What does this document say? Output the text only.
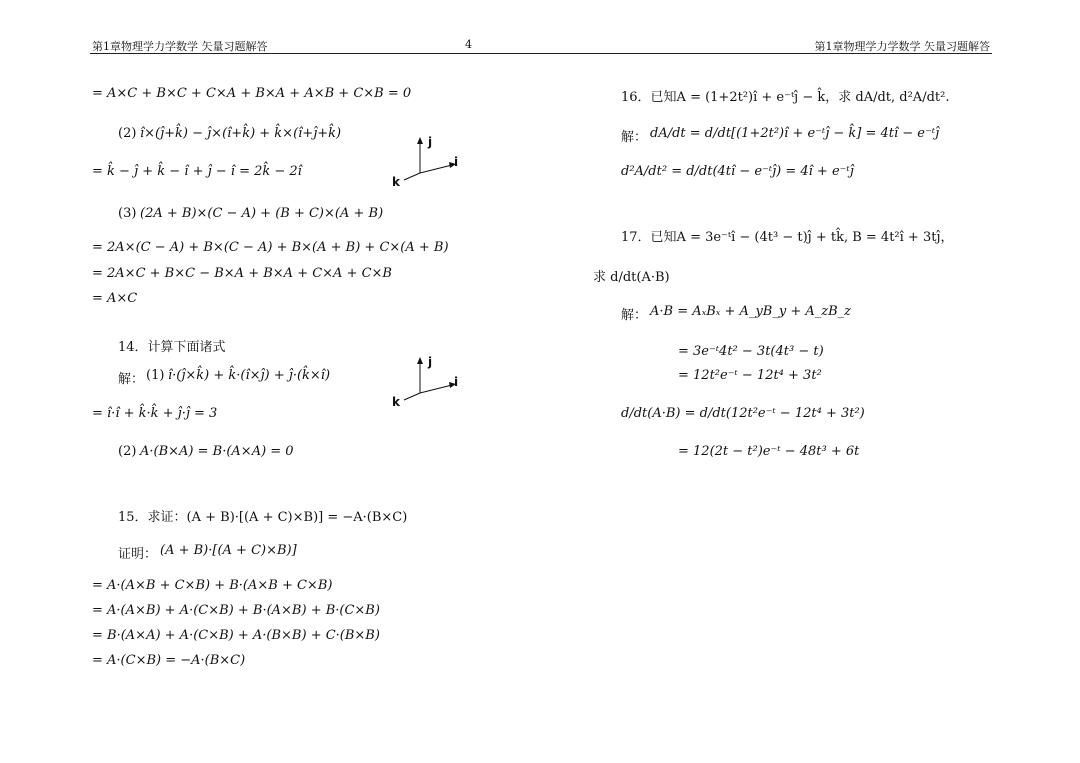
第1章物理学力学数学 矢量习题解答	4	第1章物理学力学数学 矢量习题解答
= A×C + B×C + C×A + B×A + A×B + C×B = 0
(2) î×(ĵ+k̂) − ĵ×(î+k̂) + k̂×(î+ĵ+k̂)
= k̂ − ĵ + k̂ − î + ĵ − î = 2k̂ − 2î
j
i
k
(3) (2A + B)×(C − A) + (B + C)×(A + B)
= 2A×(C − A) + B×(C − A) + B×(A + B) + C×(A + B)
= 2A×C + B×C − B×A + B×A + C×A + C×B
= A×C
14．计算下面诸式
解： (1) î·(ĵ×k̂) + k̂·(î×ĵ) + ĵ·(k̂×î)
= î·î + k̂·k̂ + ĵ·ĵ = 3
j
i
k
(2) A·(B×A) = B·(A×A) = 0
15．求证：(A + B)·[(A + C)×B)] = −A·(B×C)
证明： (A + B)·[(A + C)×B)]
= A·(A×B + C×B) + B·(A×B + C×B)
= A·(A×B) + A·(C×B) + B·(A×B) + B·(C×B)
= B·(A×A) + A·(C×B) + A·(B×B) + C·(B×B)
= A·(C×B) = −A·(B×C)
16．已知A = (1+2t²)î + e⁻ᵗĵ − k̂，求 dA/dt, d²A/dt².
解： dA/dt = d/dt[(1+2t²)î + e⁻ᵗĵ − k̂] = 4tî − e⁻ᵗĵ
d²A/dt² = d/dt(4tî − e⁻ᵗĵ) = 4î + e⁻ᵗĵ
17．已知A = 3e⁻ᵗî − (4t³ − t)ĵ + tk̂, B = 4t²î + 3tĵ，
求 d/dt(A·B)
解： A·B = AₓBₓ + A_yB_y + A_zB_z
= 3e⁻ᵗ4t² − 3t(4t³ − t)
= 12t²e⁻ᵗ − 12t⁴ + 3t²
d/dt(A·B) = d/dt(12t²e⁻ᵗ − 12t⁴ + 3t²)
= 12(2t − t²)e⁻ᵗ − 48t³ + 6t
